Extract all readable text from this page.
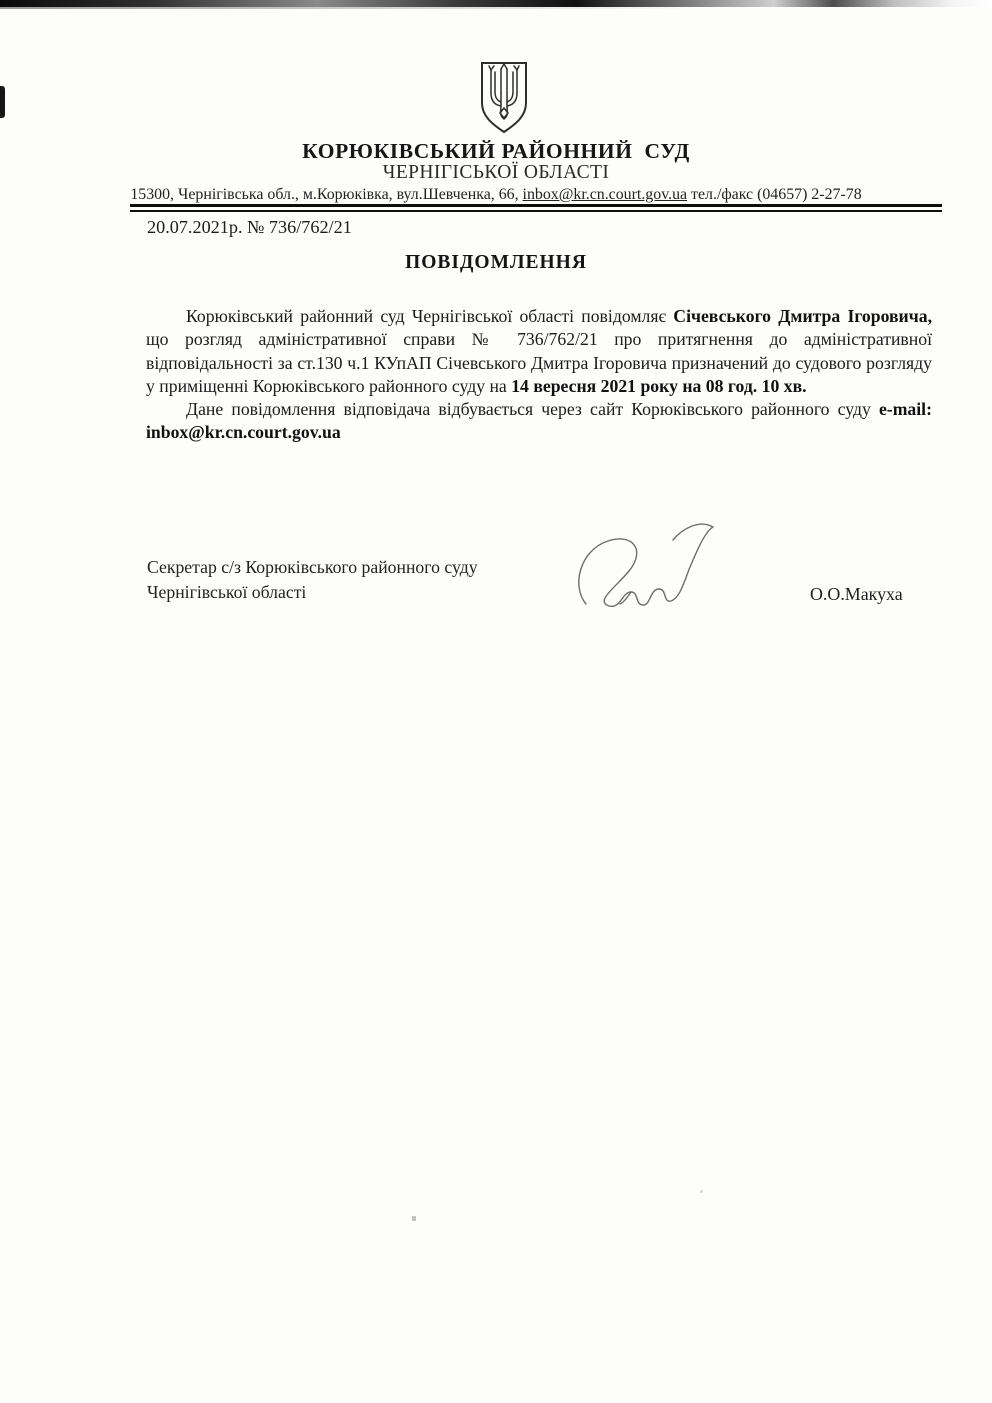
КОРЮКІВСЬКИЙ РАЙОННИЙ  СУД
ЧЕРНІГІСЬКОЇ ОБЛАСТІ
15300, Чернігівська обл., м.Корюківка, вул.Шевченка, 66, inbox@kr.cn.court.gov.ua тел./факс (04657) 2-27-78
20.07.2021р. № 736/762/21
ПОВІДОМЛЕННЯ

Корюківський районний суд Чернігівської області повідомляє Січевського Дмитра Ігоровича, що розгляд адміністративної справи № 736/762/21 про притягнення до адміністративної відповідальності за ст.130 ч.1 КУпАП Січевського Дмитра Ігоровича призначений до судового розгляду у приміщенні Корюківського районного суду на 14 вересня 2021 року на 08 год. 10 хв.

Дане повідомлення відповідача відбувається через сайт Корюківського районного суду e-mail: inbox@kr.cn.court.gov.ua

Секретар с/з Корюківського районного суду
Чернігівської області	О.О.Макуха
